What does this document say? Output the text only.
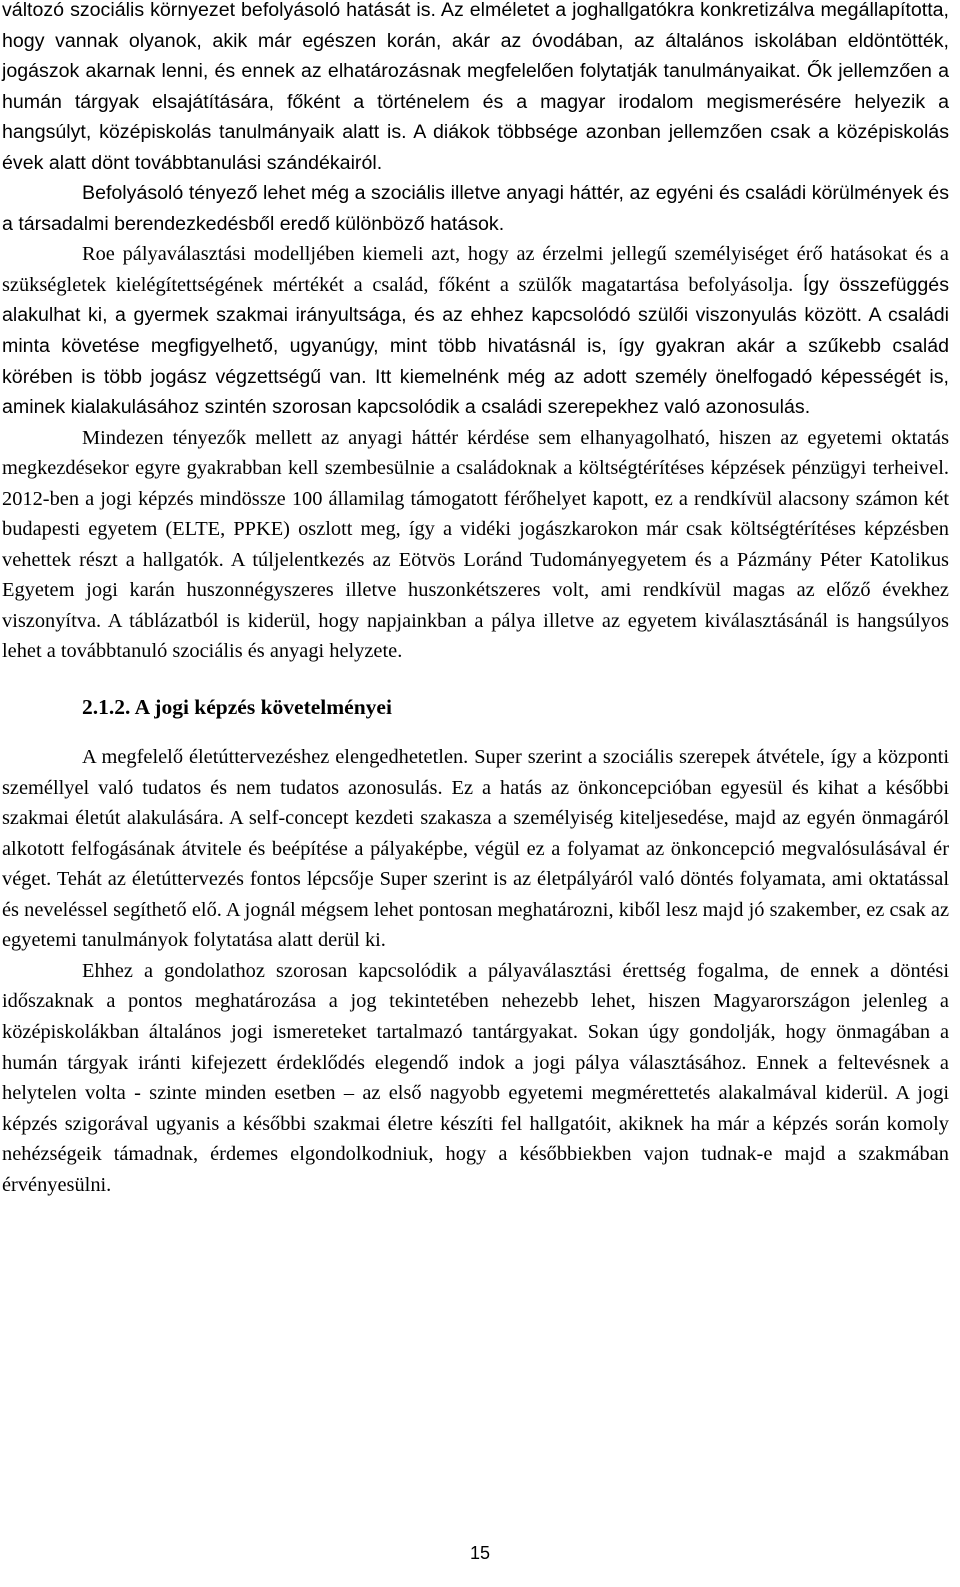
változó szociális környezet befolyásoló hatását is. Az elméletet a joghallgatókra konkretizálva megállapította, hogy vannak olyanok, akik már egészen korán, akár az óvodában, az általános iskolában eldöntötték, jogászok akarnak lenni, és ennek az elhatározásnak megfelelően folytatják tanulmányaikat. Ők jellemzően a humán tárgyak elsajátítására, főként a történelem és a magyar irodalom megismerésére helyezik a hangsúlyt, középiskolás tanulmányaik alatt is. A diákok többsége azonban jellemzően csak a középiskolás évek alatt dönt továbbtanulási szándékairól.

Befolyásoló tényező lehet még a szociális illetve anyagi háttér, az egyéni és családi körülmények és a társadalmi berendezkedésből eredő különböző hatások.

Roe pályaválasztási modelljében kiemeli azt, hogy az érzelmi jellegű személyiséget érő hatásokat és a szükségletek kielégítettségének mértékét a család, főként a szülők magatartása befolyásolja. Így összefüggés alakulhat ki, a gyermek szakmai irányultsága, és az ehhez kapcsolódó szülői viszonyulás között. A családi minta követése megfigyelhető, ugyanúgy, mint több hivatásnál is, így gyakran akár a szűkebb család körében is több jogász végzettségű van. Itt kiemelnénk még az adott személy önelfogadó képességét is, aminek kialakulásához szintén szorosan kapcsolódik a családi szerepekhez való azonosulás.

Mindezen tényezők mellett az anyagi háttér kérdése sem elhanyagolható, hiszen az egyetemi oktatás megkezdésekor egyre gyakrabban kell szembesülnie a családoknak a költségtérítéses képzések pénzügyi terheivel. 2012-ben a jogi képzés mindössze 100 államilag támogatott férőhelyet kapott, ez a rendkívül alacsony számon két budapesti egyetem (ELTE, PPKE) oszlott meg, így a vidéki jogászkarokon már csak költségtérítéses képzésben vehettek részt a hallgatók. A túljelentkezés az Eötvös Loránd Tudományegyetem és a Pázmány Péter Katolikus Egyetem jogi karán huszonnégyszeres illetve huszonkétszeres volt, ami rendkívül magas az előző évekhez viszonyítva. A táblázatból is kiderül, hogy napjainkban a pálya illetve az egyetem kiválasztásánál is hangsúlyos lehet a továbbtanuló szociális és anyagi helyzete.

2.1.2. A jogi képzés követelményei

A megfelelő életúttervezéshez elengedhetetlen. Super szerint a szociális szerepek átvétele, így a központi személlyel való tudatos és nem tudatos azonosulás. Ez a hatás az önkoncepcióban egyesül és kihat a későbbi szakmai életút alakulására. A self-concept kezdeti szakasza a személyiség kiteljesedése, majd az egyén önmagáról alkotott felfogásának átvitele és beépítése a pályaképbe, végül ez a folyamat az önkoncepció megvalósulásával ér véget. Tehát az életúttervezés fontos lépcsője Super szerint is az életpályáról való döntés folyamata, ami oktatással és neveléssel segíthető elő. A jognál mégsem lehet pontosan meghatározni, kiből lesz majd jó szakember, ez csak az egyetemi tanulmányok folytatása alatt derül ki.

Ehhez a gondolathoz szorosan kapcsolódik a pályaválasztási érettség fogalma, de ennek a döntési időszaknak a pontos meghatározása a jog tekintetében nehezebb lehet, hiszen Magyarországon jelenleg a középiskolákban általános jogi ismereteket tartalmazó tantárgyakat. Sokan úgy gondolják, hogy önmagában a humán tárgyak iránti kifejezett érdeklődés elegendő indok a jogi pálya választásához. Ennek a feltevésnek a helytelen volta - szinte minden esetben – az első nagyobb egyetemi megmérettetés alakalmával kiderül. A jogi képzés szigorával ugyanis a későbbi szakmai életre készíti fel hallgatóit, akiknek ha már a képzés során komoly nehézségeik támadnak, érdemes elgondolkodniuk, hogy a későbbiekben vajon tudnak-e majd a szakmában érvényesülni.

15
